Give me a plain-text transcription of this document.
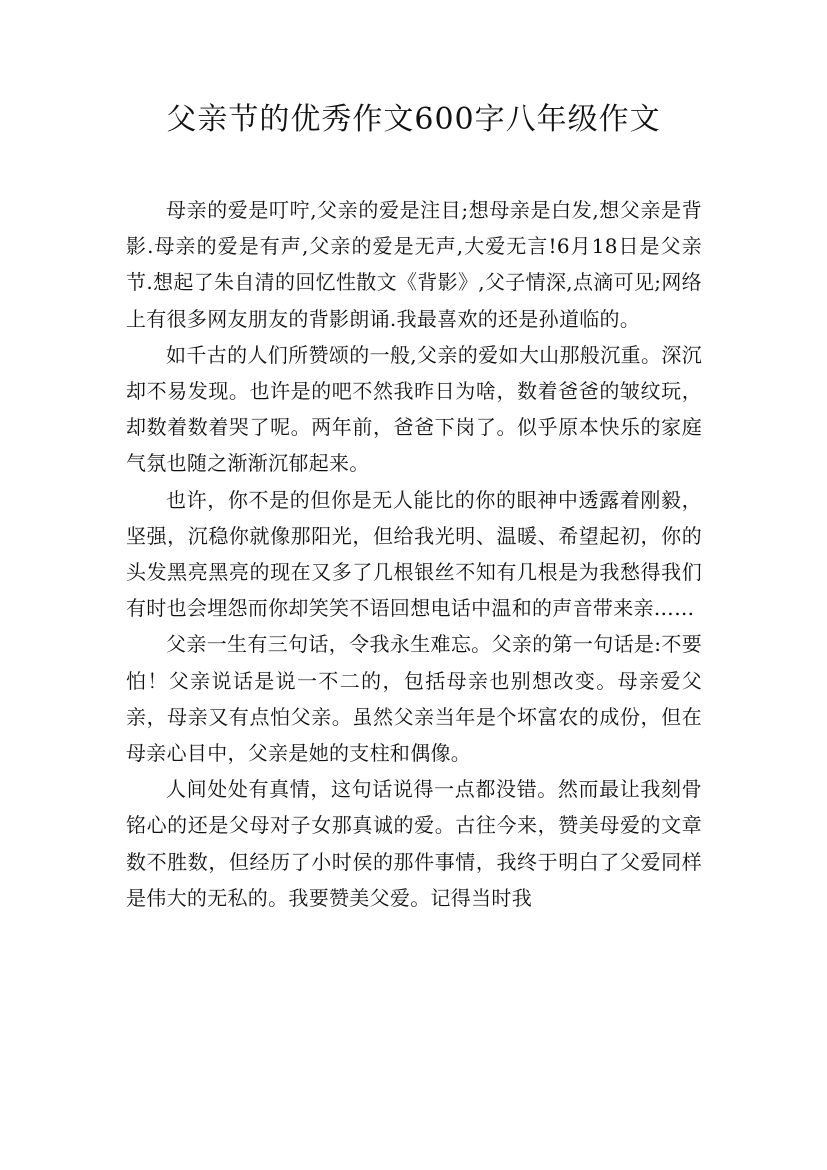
父亲节的优秀作文600字八年级作文

母亲的爱是叮咛,父亲的爱是注目;想母亲是白发,想父亲是背影.母亲的爱是有声,父亲的爱是无声,大爱无言!6月18日是父亲节.想起了朱自清的回忆性散文《背影》,父子情深,点滴可见;网络上有很多网友朋友的背影朗诵.我最喜欢的还是孙道临的。

如千古的人们所赞颂的一般,父亲的爱如大山那般沉重。深沉却不易发现。也许是的吧不然我昨日为啥，数着爸爸的皱纹玩，却数着数着哭了呢。两年前，爸爸下岗了。似乎原本快乐的家庭气氛也随之渐渐沉郁起来。

也许，你不是的但你是无人能比的你的眼神中透露着刚毅，坚强，沉稳你就像那阳光，但给我光明、温暖、希望起初，你的头发黑亮黑亮的现在又多了几根银丝不知有几根是为我愁得我们有时也会埋怨而你却笑笑不语回想电话中温和的声音带来亲……

父亲一生有三句话，令我永生难忘。父亲的第一句话是:不要怕！父亲说话是说一不二的，包括母亲也别想改变。母亲爱父亲，母亲又有点怕父亲。虽然父亲当年是个坏富农的成份，但在母亲心目中，父亲是她的支柱和偶像。

人间处处有真情，这句话说得一点都没错。然而最让我刻骨铭心的还是父母对子女那真诚的爱。古往今来，赞美母爱的文章数不胜数，但经历了小时侯的那件事情，我终于明白了父爱同样是伟大的无私的。我要赞美父爱。记得当时我
